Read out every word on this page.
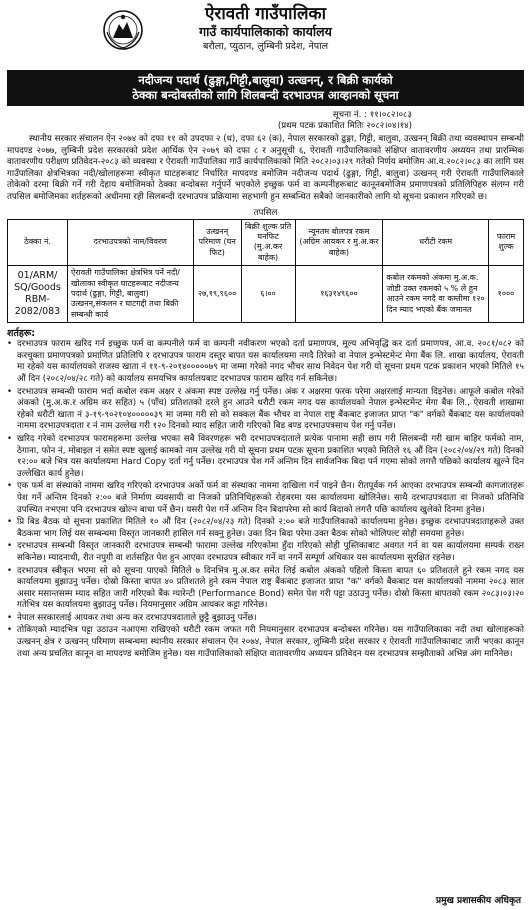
ऐरावती गाउँपालिका
गाउँ कार्यपालिकाको कार्यालय
बरौला, प्युठान, लुम्बिनी प्रदेश, नेपाल
नदीजन्य पदार्थ (ढुङ्गा,गिट्टी,बालुवा) उत्खनन्, र बिक्री कार्यको
ठेक्का बन्दोबस्तीको लागि शिलबन्दी दरभाउपत्र आव्हानको सूचना
सूचना नं. : ११।०८२।०८३
(प्रथम पटक प्रकाशित मितिः २०८२।०४।१४)
स्थानीय सरकार संचालन ऐन २०७४ को दफा ११ को उपदफा २ (ध), दफा ६२ (क), नेपाल सरकारको ढुङ्गा, गिट्टी, बालुवा, उत्खनन् बिक्री तथा व्यवस्थापन सम्बन्धी मापदण्ड २०७७, लुम्बिनी प्रदेश सरकारको प्रदेश आर्थिक ऐन २०७९ को दफा ८ र अनुसूची ६, ऐरावती गाउँपालिकाको संक्षिप्त वातावरणीय अध्ययन तथा प्रारम्भिक वातावरणीय परीक्षण प्रतिवेदन-२०८३ को व्यवस्था र ऐरावती गाउँपालिका गाउँ कार्यपालिकाको मिति २०८२।०३।२९ गतेको निर्णय बमोजिम आ.व.२०८२।०८३ का लागि यस गाउँपालिका क्षेत्रभित्रका नदी/खोलाहरूमा स्वीकृत घाटहरूबाट निर्धारित मापदण्ड बमोजिम नदीजन्य पदार्थ (ढुङ्गा, गिट्टी, बालुवा) उत्खनन् गरी ऐरावती गाउँपालिकाले तोकेको दरमा बिक्री गर्ने गरी देहाय बमोजिमको ठेक्का बन्दोबस्त गर्नुपर्ने भएकोले इच्छुक फर्म वा कम्पनीहरूबाट कानूनबमोजिम प्रमाणपत्रको प्रतिलिपिहरु संलग्न गरी तपसिल बमोजिमका शर्तहरूको अधीनमा रही सिलबन्दी दरभाउपत्र प्रक्रियामा सहभागी हुन सम्बन्धित सबैको जानकारीको लागि यो सूचना प्रकाशन गरिएको छ।
तपसिल
ठेक्का नं.	दरभाउपत्रको नाम/विवरण	उत्खनन् परिमाण (घन फिट)	बिक्री शुल्क प्रति घनफिट (मु.अ.कर बाहेक)	न्यूनतम बोलपत्र रकम (अग्रिम आयकर र मु.अ.कर बाहेक)	धरौटी रकम	फाराम शुल्क
01/ARM/ SQ/Goods RBM- 2082/083	ऐरावती गाउँपालिका क्षेत्रभित्र पर्ने नदी/खोलाका स्वीकृत घाटहरूबाट नदीजन्य पदार्थ (ढुङ्गा, गिट्टी, बालुवा) उत्खनन्,संकलन र घाटगद्दी तथा बिक्री सम्बन्धी कार्य	२७,१९,९६००	६।००	१६३१४९६००	कबोल रकमको अंकमा मु.अ.क. जोडी उक्त रकमको ५ % ले हुन आउने रकम नगदै वा कम्तीमा १२० दिन म्याद भएको बैंक जमानत	१०००
शर्तहरू:
• दरभाउपत्र फाराम खरिद गर्न इच्छुक फर्म वा कम्पनीले फर्म वा कम्पनी नवीकरण भएको दर्ता प्रमाणपत्र, मूल्य अभिवृद्धि कर दर्ता प्रमाणपत्र, आ.व. २०८१/०८२ को करचुक्ता प्रमाणपत्रको प्रमाणित प्रतिलिपि र दरभाउपत्र फाराम दस्तुर बापत यस कार्यालयमा नगदै तिरेको वा नेपाल इन्भेस्टमेन्ट मेगा बैंक लि. शाखा कार्यालय, ऐरावती मा रहेको यस कार्यालयको राजस्व खाता नं ११-९-२०१४०००००७९ मा जम्मा गरेको नगद भौचर साथ निवेदन पेश गरी यो सूचना प्रथम पटक प्रकाशन भएको मितिले १५ औं दिन (२०८२/०४/२८ गते) को कार्यालय समयभित्र कार्यालयबाट दरभाउपत्र फाराम खरिद गर्न सकिनेछ।
• दरभाउपत्र सम्बन्धी फाराम भर्दा कबोल रकम अक्षर र अंकमा स्पष्ट उल्लेख गर्नु पर्नेछ। अंक र अक्षरमा फरक परेमा अक्षरलाई मान्यता दिइनेछ। आफूले कबोल गरेको अंकको (मु.अ.क.र अग्रिम कर सहित) ५ (पाँच) प्रतिशतको दरले हुन आउने धरौटी रकम नगद यस कार्यालयको नेपाल इन्भेस्टमेन्ट मेगा बैंक लि., ऐरावती शाखामा रहेको धरौटी खाता नं ३-१९-९०२१०४०००००३९ मा जम्मा गरी सो को सक्कल बैंक भौचर वा नेपाल राष्ट्र बैंकबाट इजाजत प्राप्त "क" वर्गको बैंकबाट यस कार्यालयको नाममा दरभाउपत्रदाता र नं नाम उल्लेख गरी १२० दिनको म्याद सहित जारी गरिएको बिड बण्ड दरभाउपत्रसाथ पेश गर्नु पर्नेछ।
• खरिद गरेको दरभाउपत्र फारामहरूमा उल्लेख भएका सबै विवरणहरू भरी दरभाउपत्रदाताले प्रत्येक पानामा सही छाप गरी सिलबन्दी गरी खाम बाहिर फर्मको नाम, ठेगाना, फोन नं, मोबाइल नं समेत स्पष्ट खुलाई कामको नाम उल्लेख गरी यो सूचना प्रथम पटक सूचना प्रकाशित भएको मितिले १६ औं दिन (२०८२/०४/२९ गते) दिनको १२:०० बजे भित्र यस कार्यालयमा Hard Copy दर्ता गर्नु पर्नेछ। दरभाउपत्र पेश गर्ने अन्तिम दिन सार्वजनिक बिदा पर्न गएमा सोको लगत्तै पछिको कार्यालय खुल्ने दिन उल्लेखित कार्य हुनेछ।
• एक फर्म वा संस्थाको नाममा खरिद गरिएको दरभाउपत्र अर्को फर्म वा संस्थाका नाममा दाखिला गर्न पाइने छैन। रीतपूर्वक गर्न आएका दरभाउपत्र सम्बन्धी कागजातहरू पेश गर्ने अन्तिम दिनको २:०० बजे निर्माण व्यवसायी वा निजको प्रतिनिधिहरूको रोहबरमा यस कार्यालयमा खोलिनेछ। साथै दरभाउपत्रदाता वा निजको प्रतिनिधि उपस्थित नभएमा पनि दरभाउपत्र खोल्न बाधा पर्ने छैन। यसरी पेश गर्ने अन्तिम दिन बिदापरेमा सो कार्य बिदाको लगत्तै पछि कार्यालय खुलेको दिनमा हुनेछ।
• प्रि बिड बैठक यो सूचना प्रकाशित मितिले १० औं दिन (२०८२/०४/२३ गते) दिनको २:०० बजे गाउँपालिकाको कार्यालयमा हुनेछ। इच्छुक दरभाउपत्रदाताहरूले उक्त बैठकमा भाग लिई यस सम्बन्धमा विस्तृत जानकारी हासिल गर्न सक्नु हुनेछ। उक्त दिन बिदा परेमा उक्त बैठक सोको भोलिपल्ट सोही समयमा हुनेछ।
• दरभाउपत्र सम्बन्धी विस्तृत जानकारी दरभाउपत्र सम्बन्धी फारामा उल्लेख गरिएकोमा हुँदा गरिएको सोही पुस्तिकाबाट अवगत गर्न वा यस कार्यालयमा सम्पर्क राख्न सकिनेछ। म्यादनाधी, रीत नपुगी वा शर्तसहित पेश हुन आएका दरभाउपत्र स्वीकार गर्ने वा नगर्ने सम्पूर्ण अधिकार यस कार्यालयमा सुरक्षित रहनेछ।
• दरभाउपत्र स्वीकृत भएमा सो को सूचना पाएको मितिले ७ दिनभित्र मु.अ.कर समेत लिई कबोल अंकको पहिलो किस्ता बापत ६० प्रतिशतले हुने रकम नगद यस कार्यालयमा बुझाउनु पर्नेछ। दोस्रो किस्ता बापत ४० प्रतिशतले हुने रकम नेपाल राष्ट्र बैंकबाट इजाजत प्राप्त "क" वर्गको बैंकबाट यस कार्यालयको नाममा २०८३ साल असार मसान्तसम्म म्याद सहित जारी गरिएको बैंक ग्यारेन्टी (Performance Bond) समेत पेश गरी पट्टा उठाउनु पर्नेछ। दोस्रो किस्ता बापतको रकम २०८३।०३।२० गतेभित्र यस कार्यालयमा बुझाउनु पर्नेछ। नियमानुसार अग्रिम आयकर कट्टा गरिनेछ।
• नेपाल सरकारलाई आयकर तथा अन्य कर दरभाउपत्रदाताले छुट्टै बुझाउनु पर्नेछ।
• तोकिएको म्यादभित्र पट्टा उठाउन नआएमा राखिएको धरौटी रकम जफत गरी नियमानुसार दरभाउपत्र बन्दोबस्त गरिनेछ। यस गाउँपालिकाका नदी तथा खोलाहरूको उत्खनन् क्षेत्र र उत्खनन् परिमाण सम्बन्धमा स्थानीय सरकार संचालन ऐन २०७४, नेपाल सरकार, लुम्बिनी प्रदेश सरकार र ऐरावती गाउँपालिकाबाट जारी भएका कानून तथा अन्य प्रचलित कानून वा मापदण्ड बमोजिम हुनेछ। यस गाउँपालिकाको संक्षिप्त वातावरणीय अध्ययन प्रतिवेदन यस दरभाउपत्र सम्झौताको अभिन्न अंग मानिनेछ।
प्रमुख प्रशासकीय अधिकृत
